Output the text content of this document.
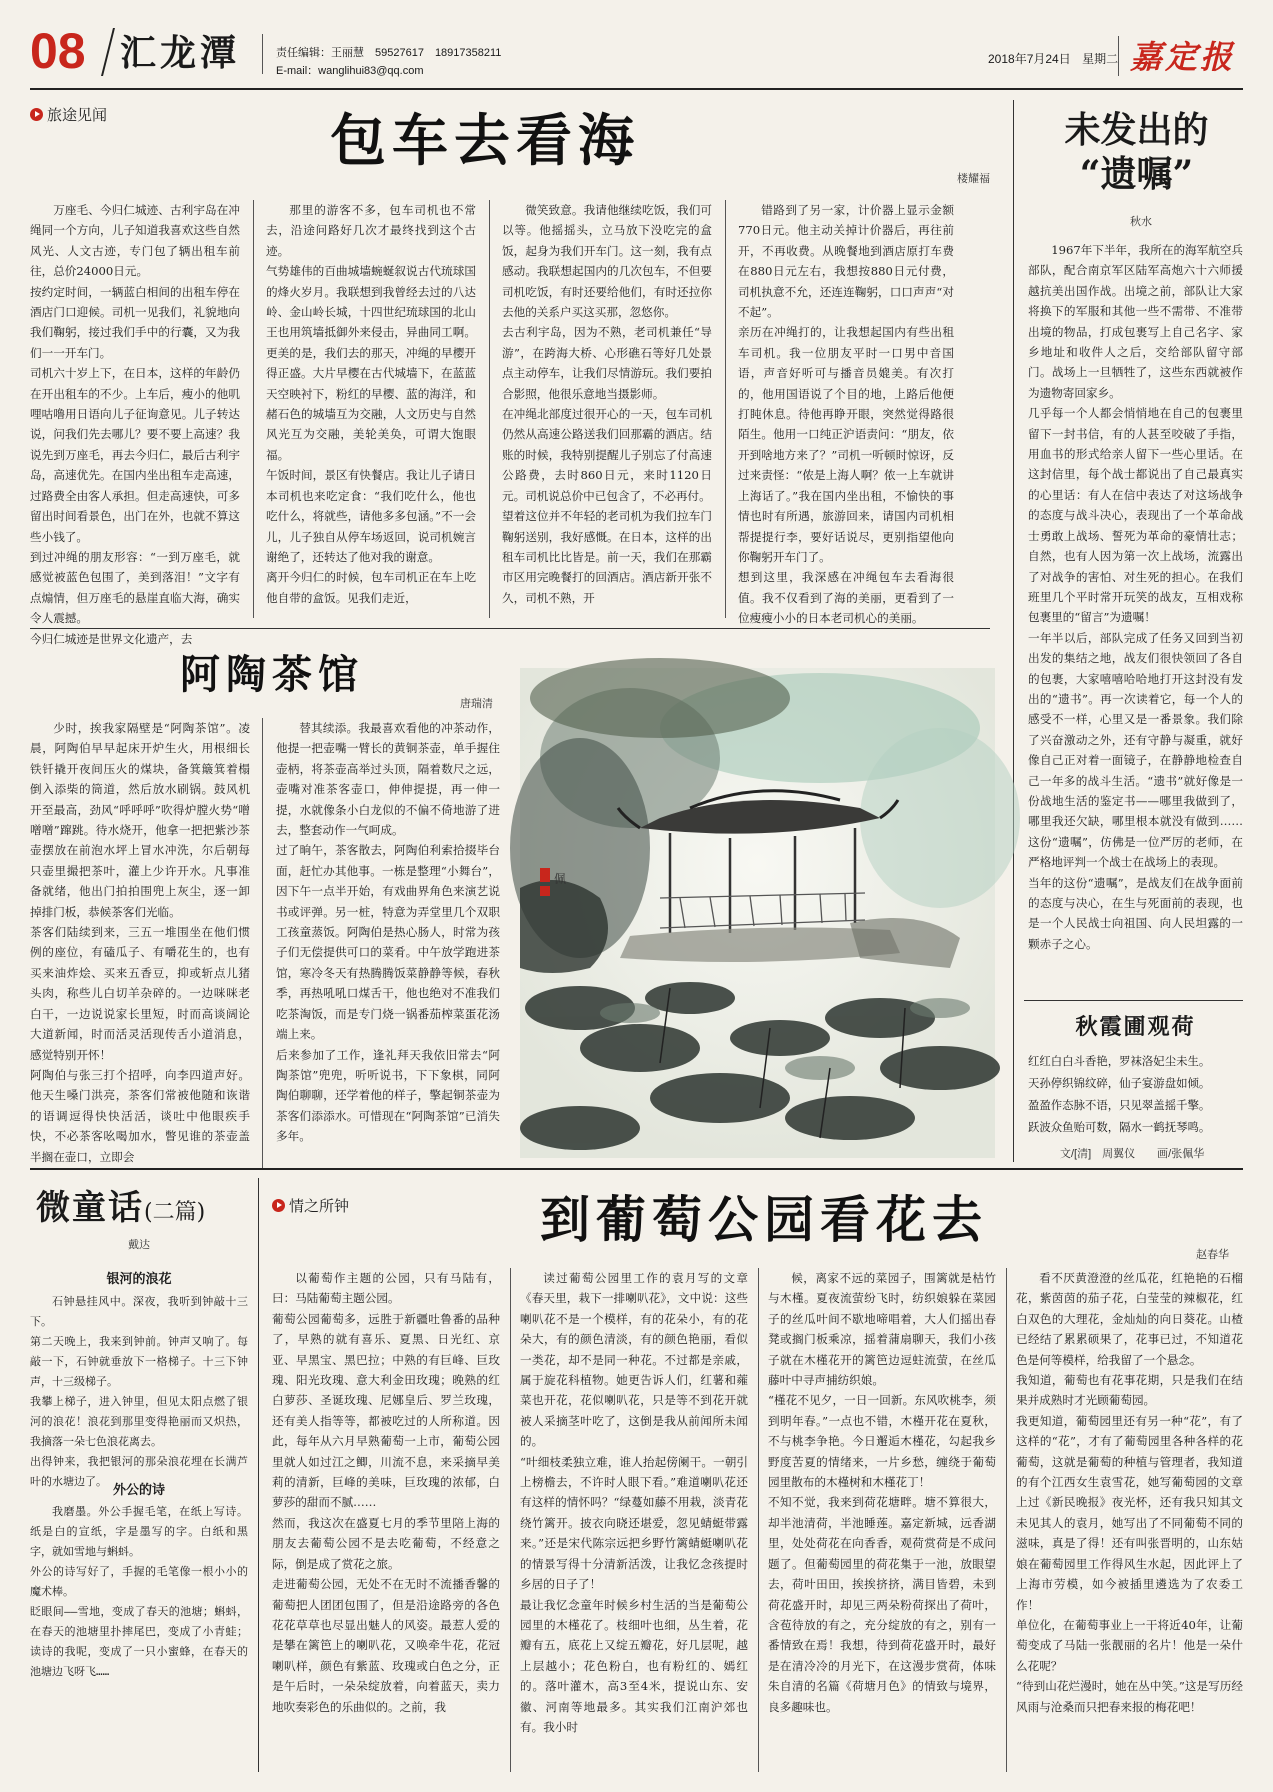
08 汇龙潭	责任编辑：王丽慧　59527617　18917358211
E-mail：wanglihui83@qq.com
2018年7月24日 星期二 嘉定报
旅途见闻	包车去看海
楼耀福

万座毛、今归仁城迹、古利宇岛在冲绳同一个方向，儿子知道我喜欢这些自然风光、人文古迹，专门包了辆出租车前往，总价24000日元。
按约定时间，一辆蓝白相间的出租车停在酒店门口迎候。司机一见我们，礼貌地向我们鞠躬，接过我们手中的行囊，又为我们一一开车门。
司机六十岁上下，在日本，这样的年龄仍在开出租车的不少。上车后，瘦小的他叽哩咕噜用日语向儿子征询意见。儿子转达说，问我们先去哪儿？要不要上高速？我说先到万座毛，再去今归仁，最后古利宇岛，高速优先。在国内坐出租车走高速，过路费全由客人承担。但走高速快，可多留出时间看景色，出门在外，也就不算这些小钱了。
到过冲绳的朋友形容：“一到万座毛，就感觉被蓝色包围了，美到落泪！”文字有点煽情，但万座毛的悬崖直临大海，确实令人震撼。
今归仁城迹是世界文化遗产，去

那里的游客不多，包车司机也不常去，沿途问路好几次才最终找到这个古迹。
气势雄伟的百曲城墙蜿蜒叙说古代琉球国的烽火岁月。我联想到我曾经去过的八达岭、金山岭长城，十四世纪琉球国的北山王也用筑墙抵御外来侵击，异曲同工啊。更美的是，我们去的那天，冲绳的早樱开得正盛。大片早樱在古代城墙下，在蓝蓝天空映衬下，粉红的早樱、蓝的海洋，和赭石色的城墙互为交融，人文历史与自然风光互为交融，美轮美奂，可谓大饱眼福。
午饭时间，景区有快餐店。我让儿子请日本司机也来吃定食：“我们吃什么，他也吃什么，将就些，请他多多包涵。”不一会儿，儿子独自从停车场返回，说司机婉言谢绝了，还转达了他对我的谢意。
离开今归仁的时候，包车司机正在车上吃他自带的盒饭。见我们走近，

微笑致意。我请他继续吃饭，我们可以等。他摇摇头，立马放下没吃完的盒饭，起身为我们开车门。这一刻，我有点感动。我联想起国内的几次包车，不但要司机吃饭，有时还要给他们，有时还拉你去他的关系户买这买那，忽悠你。
去古利宇岛，因为不熟，老司机兼任“导游”，在跨海大桥、心形礁石等好几处景点主动停车，让我们尽情游玩。我们要拍合影照，他很乐意地当摄影师。
在冲绳北部度过很开心的一天，包车司机仍然从高速公路送我们回那霸的酒店。结账的时候，我特别提醒儿子别忘了付高速公路费，去时860日元，来时1120日元。司机说总价中已包含了，不必再付。
望着这位并不年轻的老司机为我们拉车门鞠躬送别，我好感慨。在日本，这样的出租车司机比比皆是。前一天，我们在那霸市区用完晚餐打的回酒店。酒店新开张不久，司机不熟，开

错路到了另一家，计价器上显示金额770日元。他主动关掉计价器后，再往前开，不再收费。从晚餐地到酒店原打车费在880日元左右，我想按880日元付费，司机执意不允，还连连鞠躬，口口声声“对不起”。
亲历在冲绳打的，让我想起国内有些出租车司机。我一位朋友平时一口男中音国语，声音好听可与播音员媲美。有次打的，他用国语说了个目的地，上路后他便打盹休息。待他再睁开眼，突然觉得路很陌生。他用一口纯正沪语责问：“朋友，依开到啥地方来了？”司机一听顿时惊讶，反过来责怪：“侬是上海人啊？侬一上车就讲上海话了。”我在国内坐出租，不愉快的事情也时有所遇，旅游回来，请国内司机相帮提提行李，要好话说尽，更别指望他向你鞠躬开车门了。
想到这里，我深感在冲绳包车去看海很值。我不仅看到了海的美丽，更看到了一位瘦瘦小小的日本老司机心的美丽。

未发出的
“遗嘱”
秋水

1967年下半年，我所在的海军航空兵部队，配合南京军区陆军高炮六十六师援越抗美出国作战。出境之前，部队让大家将换下的军服和其他一些不需带、不准带出境的物品，打成包裹写上自己名字、家乡地址和收件人之后，交给部队留守部门。战场上一旦牺牲了，这些东西就被作为遗物寄回家乡。
几乎每一个人都会悄悄地在自己的包裹里留下一封书信，有的人甚至咬破了手指，用血书的形式给亲人留下一些心里话。在这封信里，每个战士都说出了自己最真实的心里话：有人在信中表达了对这场战争的态度与战斗决心，表现出了一个革命战士勇敢上战场、誓死为革命的豪情壮志；自然，也有人因为第一次上战场，流露出了对战争的害怕、对生死的担心。在我们班里几个平时常开玩笑的战友，互相戏称包裹里的“留言”为遗嘱！
一年半以后，部队完成了任务又回到当初出发的集结之地，战友们很快领回了各自的包裹，大家嘻嘻哈哈地打开这封没有发出的“遗书”。再一次读着它，每一个人的感受不一样，心里又是一番景象。我们除了兴奋激动之外，还有守静与凝重，就好像自己正对着一面镜子，在静静地检查自己一年多的战斗生活。“遗书”就好像是一份战地生活的鉴定书——哪里我做到了，哪里我还欠缺，哪里根本就没有做到……这份“遗嘱”，仿佛是一位严厉的老师，在严格地评判一个战士在战场上的表现。
当年的这份“遗嘱”，是战友们在战争面前的态度与决心，在生与死面前的表现，也是一个人民战士向祖国、向人民坦露的一颗赤子之心。

秋霞圃观荷
红红白白斗香艳，罗袜洛妃尘未生。
天孙停织锦纹碎，仙子宴游盘如倾。
盈盈作态脉不语，只见翠盖摇千擎。
跃波众鱼贻可数，隔水一鹤抚琴鸣。
文/[清]　周翼仪　　画/张佩华
阿陶茶馆
唐瑞清

少时，挨我家隔壁是“阿陶茶馆”。凌晨，阿陶伯早早起床开炉生火，用根细长铁钎撬开夜间压火的煤块，备箕簸箕着榻倒入添柴的筒道，然后放水刷锅。鼓风机开至最高，劲风“呼呼呼”吹得炉膛火势“噌噌噌”蹿跳。待水烧开，他拿一把把紫沙茶壶摆放在前泡水坪上冒水冲洗，尔后朝每只壶里撮把茶叶，灌上少许开水。凡事准备就绪，他出门拍拍围兜上灰尘，逐一卸掉排门板，恭候茶客们光临。
茶客们陆续到来，三五一堆围坐在他们惯例的座位，有磕瓜子、有嚼花生的，也有买来油炸烩、买来五香豆，抑或斩点儿猪头肉，称些儿白切羊杂碎的。一边咪咪老白干，一边说说家长里短，时而高谈阔论大道新闻，时而活灵活现传舌小道消息，感觉特别开怀！
阿陶伯与张三打个招呼，向李四道声好。他天生嗓门洪亮，茶客们常被他随和诙谐的语调逗得快快活活，谈吐中他眼疾手快，不必茶客吆喝加水，瞥见谁的茶壶盖半搁在壶口，立即会

替其续添。我最喜欢看他的冲茶动作，他提一把壶嘴一臂长的黄铜茶壶，单手握住壶柄，将茶壶高举过头顶，隔着数尺之远，壶嘴对准茶客壶口，伸伸提提，再一伸一提，水就像条小白龙似的不偏不倚地游了进去，整套动作一气呵成。
过了晌午，茶客散去，阿陶伯利索拾掇毕台面，赶忙办其他事。一栋是整理“小舞台”，因下午一点半开始，有戏曲界角色来演艺说书或评弹。另一桩，特意为弄堂里几个双职工孩童蒸饭。阿陶伯是热心肠人，时常为孩子们无偿提供可口的菜肴。中午放学跑进茶馆，寒冷冬天有热腾腾饭菜静静等候，春秋季，再热吼吼口煤舌干，他也绝对不准我们吃茶淘饭，而是专门烧一锅番茄榨菜蛋花汤端上来。
后来参加了工作，逢礼拜天我依旧常去“阿陶茶馆”兜兜，听听说书，下下象棋，同阿陶伯聊聊，还学着他的样子，擎起铜茶壶为茶客们添添水。可惜现在“阿陶茶馆”已消失多年。

佩
微童话(二篇)
戴达
银河的浪花

石钟悬挂风中。深夜，我听到钟敲十三下。
第二天晚上，我来到钟前。钟声又响了。每敲一下，石钟就垂放下一格梯子。十三下钟声，十三级梯子。
我攀上梯子，进入钟里，但见太阳点燃了银河的浪花！浪花到那里变得艳丽而又炽热，我摘落一朵七色浪花离去。
出得钟来，我把银河的那朵浪花埋在长满芦叶的水塘边了。

外公的诗

我磨墨。外公手握毛笔，在纸上写诗。纸是白的宣纸，字是墨写的字。白纸和黑字，就如雪地与蝌蚪。
外公的诗写好了，手握的毛笔像一根小小的魔术棒。
眨眼间——雪地，变成了春天的池塘；蝌蚪，在春天的池塘里扑摔尾巴，变成了小青蛙；读诗的我呢，变成了一只小蜜蜂，在春天的池塘边飞呀飞……

情之所钟	到葡萄公园看花去
赵春华

以葡萄作主题的公园，只有马陆有，曰：马陆葡萄主题公园。
葡萄公园葡萄多，远胜于新疆吐鲁番的品种了，早熟的就有喜乐、夏黑、日光红、京亚、早黑宝、黑巴拉；中熟的有巨峰、巨玫瑰、阳光玫瑰、意大利金田玫瑰；晚熟的红白萝莎、圣诞玫瑰、尼娜皇后、罗兰玫瑰，还有美人指等等，都被吃过的人所称道。因此，每年从六月早熟葡萄一上市，葡萄公园里就人如过江之鲫，川流不息，来采摘早美莉的清新，巨峰的美味，巨玫瑰的浓郁，白萝莎的甜而不腻……
然而，我这次在盛夏七月的季节里陪上海的朋友去葡萄公园不是去吃葡萄，不经意之际，倒是成了赏花之旅。
走进葡萄公园，无处不在无时不流播香馨的葡萄把人团团包围了，但是沿途路旁的各色花花草草也尽显出魅人的风姿。最惹人爱的是攀在篱笆上的喇叭花，又唤牵牛花，花冠喇叭样，颜色有紫蓝、玫瑰或白色之分，正是午后时，一朵朵绽放着，向着蓝天，卖力地吹奏彩色的乐曲似的。之前，我

读过葡萄公园里工作的袁月写的文章《春天里，栽下一排喇叭花》，文中说：这些喇叭花不是一个模样，有的花朵小，有的花朵大，有的颜色清淡，有的颜色艳丽，看似一类花，却不是同一种花。不过都是亲戚，属于旋花科植物。她更告诉人们，红薯和蕹菜也开花，花似喇叭花，只是等不到花开就被人采摘茎叶吃了，这倒是我从前闻所未闻的。
“叶细枝柔独立难，谁人抬起傍阑干。一朝引上榜檐去，不许时人眼下看。”难道喇叭花还有这样的情怀吗？“绿蔓如藤不用栽，淡青花绕竹篱开。披衣向晓还堪爱，忽见蜻蜓带露来。”还是宋代陈宗远把乡野竹篱蜻蜓喇叭花的情景写得十分清新活泼，让我忆念孩提时乡居的日子了！
最让我忆念童年时候乡村生活的当是葡萄公园里的木槿花了。枝细叶也细，丛生着，花瓣有五，底花上又绽五瓣花，好几层呢，越上层越小；花色粉白，也有粉红的、嫣红的。落叶灌木，高3至4米，提说山东、安徽、河南等地最多。其实我们江南沪郊也有。我小时

候，离家不远的菜园子，围篱就是枯竹与木槿。夏夜流萤纷飞时，纺织娘躲在菜园子的丝瓜叶间不歇地啼唱着，大人们摇出春凳或搁门板乘凉，摇着蒲扇聊天，我们小孩子就在木槿花开的篱笆边逗蛀流萤，在丝瓜藤叶中寻声捕纺织娘。
“槿花不见夕，一日一回新。东风吹桃李，须到明年春。”一点也不错，木槿开花在夏秋，不与桃李争艳。今日邂逅木槿花，勾起我乡野度苦夏的情绪来，一片乡愁，缠绕于葡萄园里散布的木槿树和木槿花丁！
不知不觉，我来到荷花塘畔。塘不算很大，却半池清荷，半池睡莲。嘉定新城，远香湖里，处处荷花在向香香，观荷赏荷是不成问题了。但葡萄园里的荷花集于一池，放眼望去，荷叶田田，挨挨挤挤，满目皆碧，未到荷花盛开时，却见三两朵粉荷探出了荷叶，含苞待放的有之，充分绽放的有之，别有一番情致在焉！我想，待到荷花盛开时，最好是在清冷冷的月光下，在这漫步赏荷，体味朱自清的名篇《荷塘月色》的情致与境界，良多趣味也。

看不厌黄澄澄的丝瓜花，红艳艳的石榴花，紫茵茵的茄子花，白莹莹的辣椒花，红白双色的大理花，金灿灿的向日葵花。山楂已经结了累累硕果了，花事已过，不知道花色是何等模样，给我留了一个悬念。
我知道，葡萄也有花事花期，只是我们在结果并成熟时才光顾葡萄园。
我更知道，葡萄园里还有另一种“花”，有了这样的“花”，才有了葡萄园里各种各样的花葡萄，这就是葡萄的种植与管理者，我知道的有个江西女生袁雪花，她写葡萄园的文章上过《新民晚报》夜光杯，还有我只知其文未见其人的袁月，她写出了不同葡萄不同的滋味，真是了得！还有叫张晋明的，山东姑娘在葡萄园里工作得风生水起，因此评上了上海市劳模，如今被插里遴选为了农委工作！
单位化，在葡萄事业上一干将近40年，让葡萄变成了马陆一张靓丽的名片！他是一朵什么花呢？
“待到山花烂漫时，她在丛中笑。”这是写历经风雨与沧桑而只把春来报的梅花吧！
